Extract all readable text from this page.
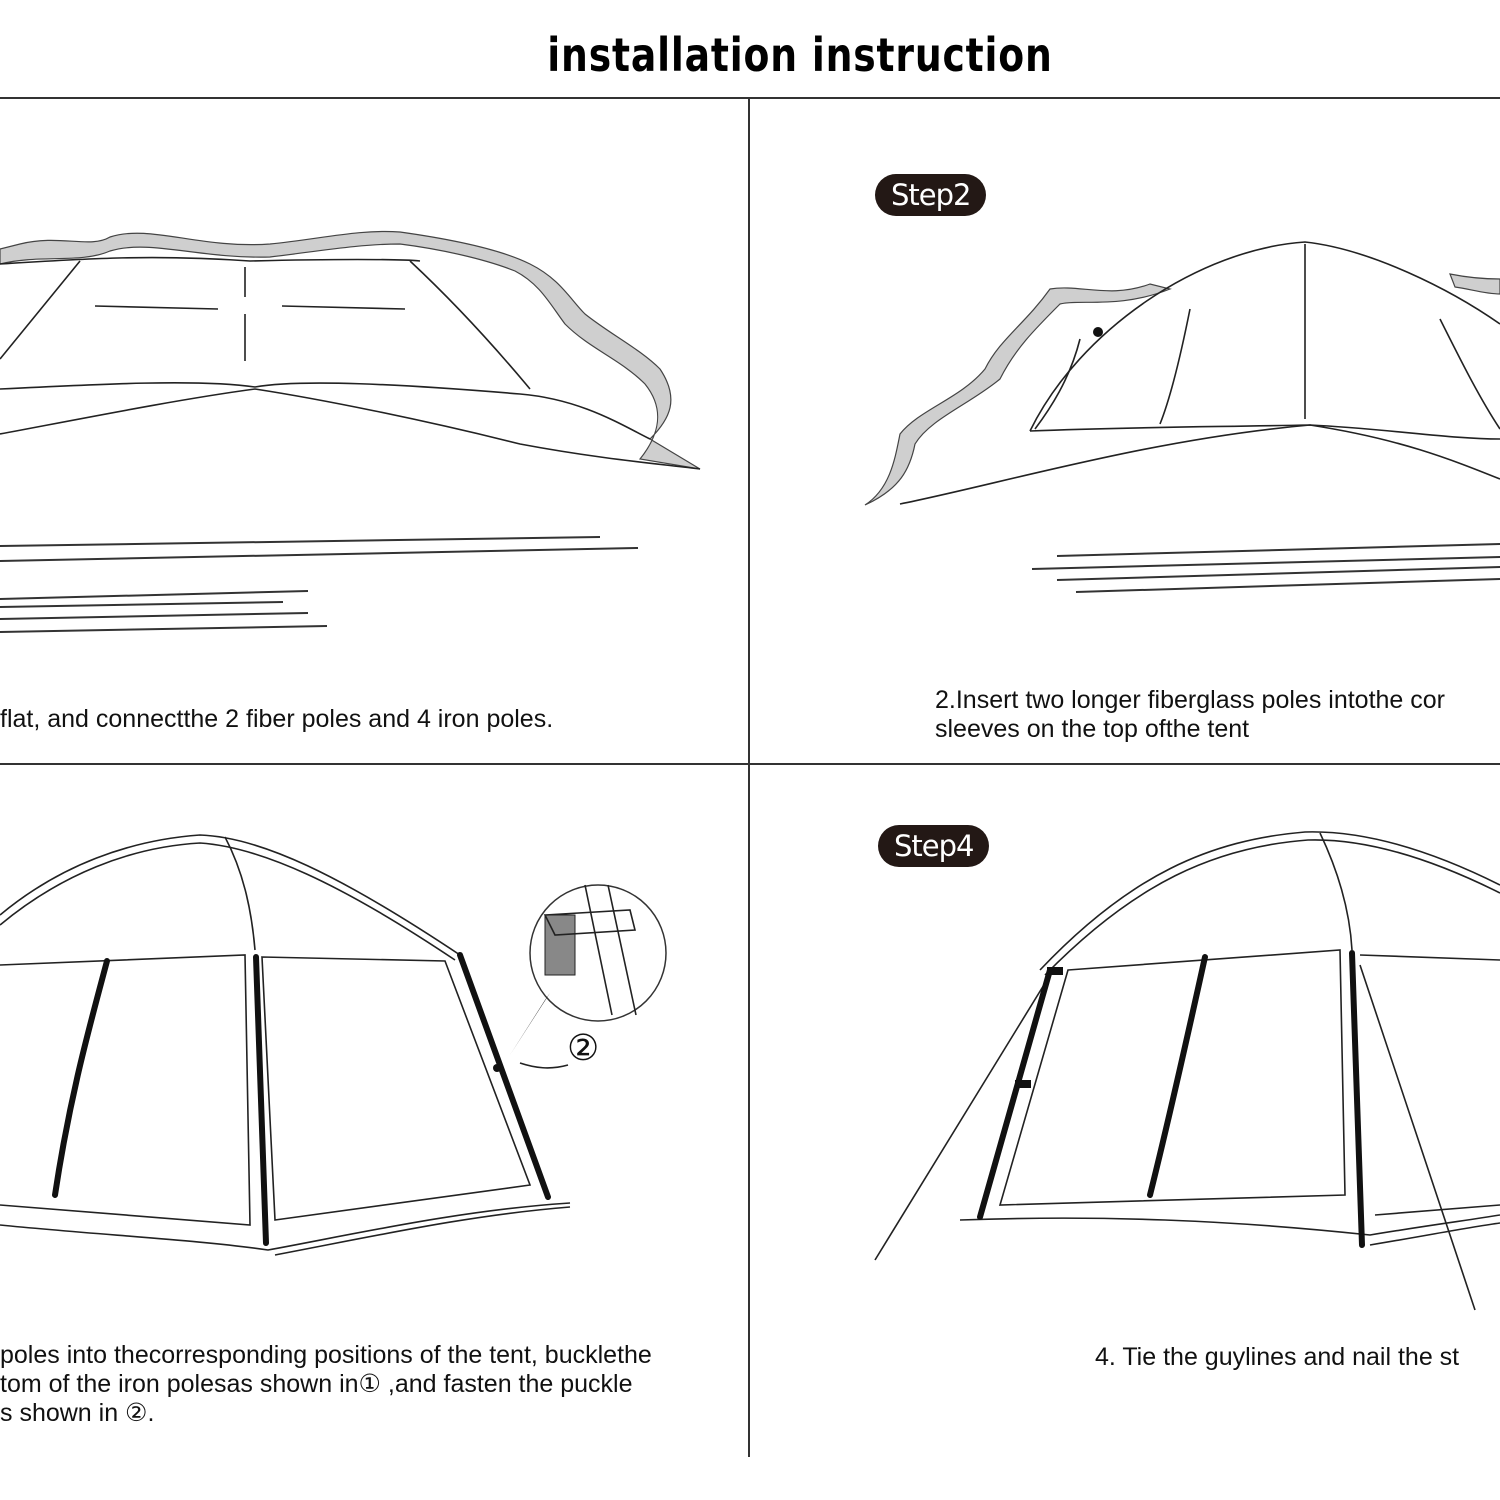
installation instruction
flat, and connectthe 2 fiber poles and 4 iron poles.
Step2
2.Insert two longer fiberglass poles intothe cor
sleeves on the top ofthe tent
②
poles into thecorresponding positions of the tent, bucklethe
tom of the iron polesas shown in① ,and fasten the puckle
s shown in ②.
Step4
4. Tie the guylines and nail the st
